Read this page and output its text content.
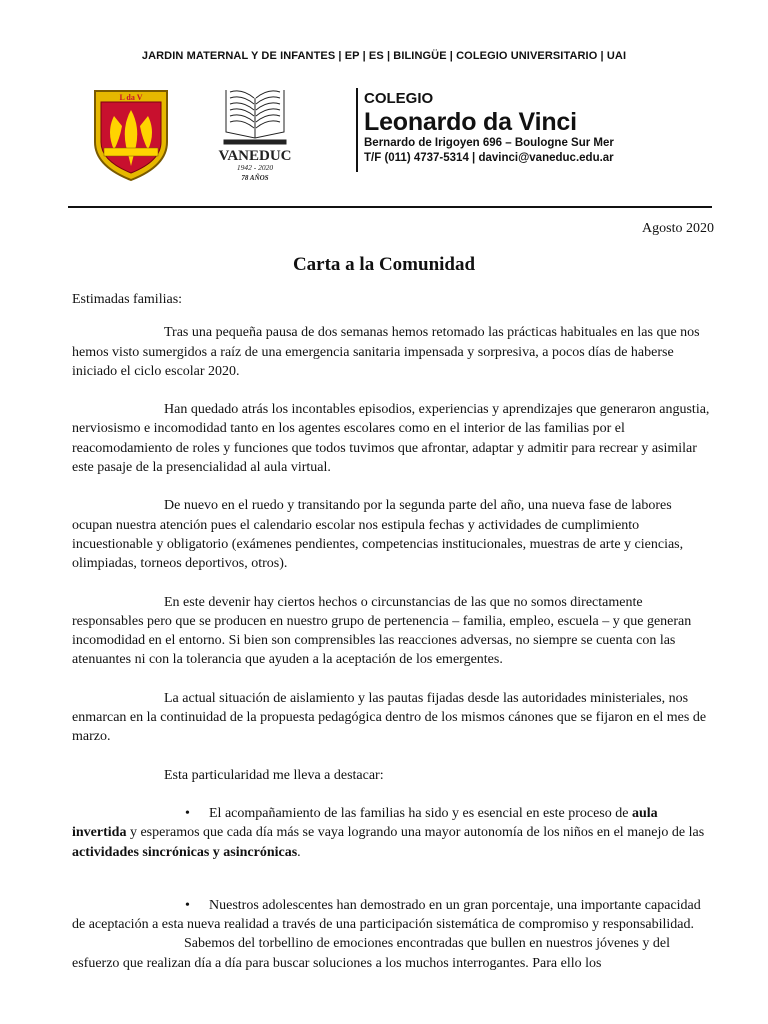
JARDIN MATERNAL Y DE INFANTES | EP | ES | BILINGÜE | COLEGIO UNIVERSITARIO | UAI
L da V
VANEDUC
1942 - 2020
78 AÑOS
COLEGIO
Leonardo da Vinci
Bernardo de Irigoyen 696 – Boulogne Sur Mer
T/F (011) 4737-5314 | davinci@vaneduc.edu.ar
Agosto 2020
Carta a la Comunidad

Estimadas familias:

Tras una pequeña pausa de dos semanas hemos retomado las prácticas habituales en las que nos hemos visto sumergidos a raíz de una emergencia sanitaria impensada y sorpresiva, a pocos días de haberse iniciado el ciclo escolar 2020.

Han quedado atrás los incontables episodios, experiencias y aprendizajes que generaron angustia, nerviosismo e incomodidad tanto en los agentes escolares como en el interior de las familias por el reacomodamiento de roles y funciones que todos tuvimos que afrontar, adaptar y admitir para recrear y asimilar este pasaje de la presencialidad al aula virtual.

De nuevo en el ruedo y transitando por la segunda parte del año, una nueva fase de labores ocupan nuestra atención pues el calendario escolar nos estipula fechas y actividades de cumplimiento incuestionable y obligatorio (exámenes pendientes, competencias institucionales, muestras de arte y ciencias, olimpiadas, torneos deportivos, otros).

En este devenir hay ciertos hechos o circunstancias de las que no somos directamente responsables pero que se producen en nuestro grupo de pertenencia – familia, empleo, escuela – y que generan incomodidad en el entorno. Si bien son comprensibles las reacciones adversas, no siempre se cuenta con las atenuantes ni con la tolerancia que ayuden a la aceptación de los emergentes.

La actual situación de aislamiento y las pautas fijadas desde las autoridades ministeriales, nos enmarcan en la continuidad de la propuesta pedagógica dentro de los mismos cánones que se fijaron en el mes de marzo.

Esta particularidad me lleva a destacar:

• El acompañamiento de las familias ha sido y es esencial en este proceso de aula invertida y esperamos que cada día más se vaya logrando una mayor autonomía de los niños en el manejo de las actividades sincrónicas y asincrónicas.

• Nuestros adolescentes han demostrado en un gran porcentaje, una importante capacidad de aceptación a esta nueva realidad a través de una participación sistemática de compromiso y responsabilidad.

Sabemos del torbellino de emociones encontradas que bullen en nuestros jóvenes y del esfuerzo que realizan día a día para buscar soluciones a los muchos interrogantes. Para ello los
